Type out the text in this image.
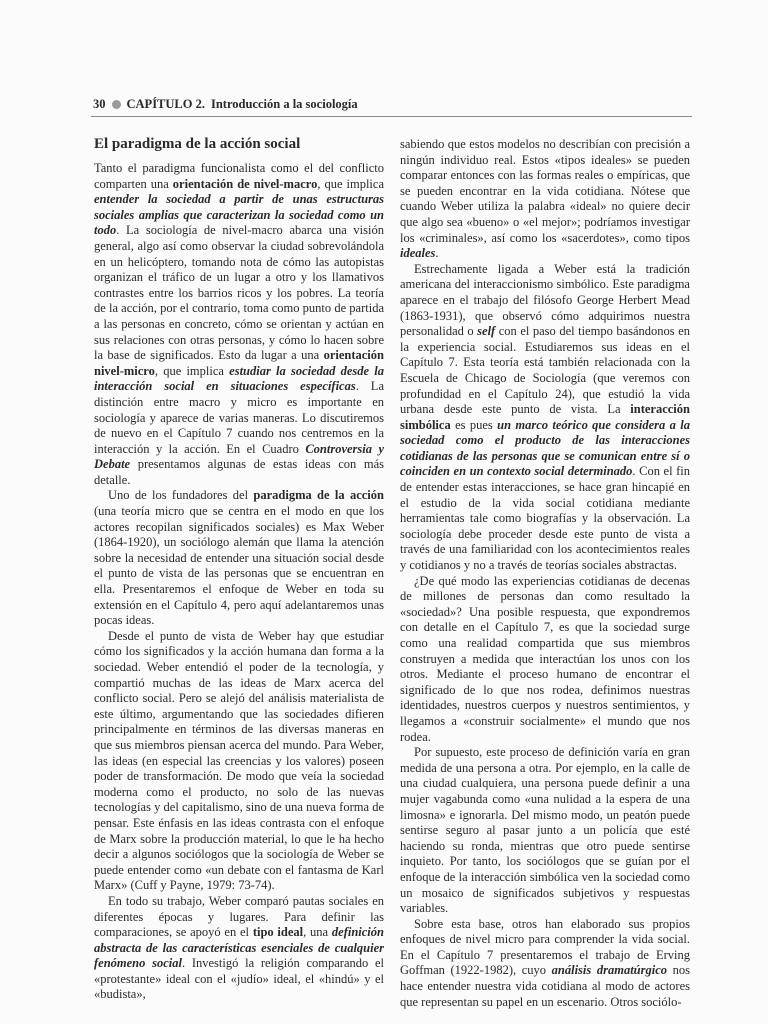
30 CAPÍTULO 2. Introducción a la sociología
El paradigma de la acción social

Tanto el paradigma funcionalista como el del conflicto comparten una orientación de nivel-macro, que implica entender la sociedad a partir de unas estructuras sociales amplias que caracterizan la sociedad como un todo. La sociología de nivel-macro abarca una visión general, algo así como observar la ciudad sobrevolándola en un helicóptero, tomando nota de cómo las autopistas organizan el tráfico de un lugar a otro y los llamativos contrastes entre los barrios ricos y los pobres. La teoría de la acción, por el contrario, toma como punto de partida a las personas en concreto, cómo se orientan y actúan en sus relaciones con otras personas, y cómo lo hacen sobre la base de significados. Esto da lugar a una orientación nivel-micro, que implica estudiar la sociedad desde la interacción social en situaciones específicas. La distinción entre macro y micro es importante en sociología y aparece de varias maneras. Lo discutiremos de nuevo en el Capítulo 7 cuando nos centremos en la interacción y la acción. En el Cuadro Controversia y Debate presentamos algunas de estas ideas con más detalle.

Uno de los fundadores del paradigma de la acción (una teoría micro que se centra en el modo en que los actores recopilan significados sociales) es Max Weber (1864-1920), un sociólogo alemán que llama la atención sobre la necesidad de entender una situación social desde el punto de vista de las personas que se encuentran en ella. Presentaremos el enfoque de Weber en toda su extensión en el Capítulo 4, pero aquí adelantaremos unas pocas ideas.

Desde el punto de vista de Weber hay que estudiar cómo los significados y la acción humana dan forma a la sociedad. Weber entendió el poder de la tecnología, y compartió muchas de las ideas de Marx acerca del conflicto social. Pero se alejó del análisis materialista de este último, argumentando que las sociedades difieren principalmente en términos de las diversas maneras en que sus miembros piensan acerca del mundo. Para Weber, las ideas (en especial las creencias y los valores) poseen poder de transformación. De modo que veía la sociedad moderna como el producto, no solo de las nuevas tecnologías y del capitalismo, sino de una nueva forma de pensar. Este énfasis en las ideas contrasta con el enfoque de Marx sobre la producción material, lo que le ha hecho decir a algunos sociólogos que la sociología de Weber se puede entender como «un debate con el fantasma de Karl Marx» (Cuff y Payne, 1979: 73-74).

En todo su trabajo, Weber comparó pautas sociales en diferentes épocas y lugares. Para definir las comparaciones, se apoyó en el tipo ideal, una definición abstracta de las características esenciales de cualquier fenómeno social. Investigó la religión comparando el «protestante» ideal con el «judío» ideal, el «hindú» y el «budista»,

sabiendo que estos modelos no describían con precisión a ningún individuo real. Estos «tipos ideales» se pueden comparar entonces con las formas reales o empíricas, que se pueden encontrar en la vida cotidiana. Nótese que cuando Weber utiliza la palabra «ideal» no quiere decir que algo sea «bueno» o «el mejor»; podríamos investigar los «criminales», así como los «sacerdotes», como tipos ideales.

Estrechamente ligada a Weber está la tradición americana del interaccionismo simbólico. Este paradigma aparece en el trabajo del filósofo George Herbert Mead (1863-1931), que observó cómo adquirimos nuestra personalidad o self con el paso del tiempo basándonos en la experiencia social. Estudiaremos sus ideas en el Capítulo 7. Esta teoría está también relacionada con la Escuela de Chicago de Sociología (que veremos con profundidad en el Capítulo 24), que estudió la vida urbana desde este punto de vista. La interacción simbólica es pues un marco teórico que considera a la sociedad como el producto de las interacciones cotidianas de las personas que se comunican entre sí o coinciden en un contexto social determinado. Con el fin de entender estas interacciones, se hace gran hincapié en el estudio de la vida social cotidiana mediante herramientas tale como biografías y la observación. La sociología debe proceder desde este punto de vista a través de una familiaridad con los acontecimientos reales y cotidianos y no a través de teorías sociales abstractas.

¿De qué modo las experiencias cotidianas de decenas de millones de personas dan como resultado la «sociedad»? Una posible respuesta, que expondremos con detalle en el Capítulo 7, es que la sociedad surge como una realidad compartida que sus miembros construyen a medida que interactúan los unos con los otros. Mediante el proceso humano de encontrar el significado de lo que nos rodea, definimos nuestras identidades, nuestros cuerpos y nuestros sentimientos, y llegamos a «construir socialmente» el mundo que nos rodea.

Por supuesto, este proceso de definición varía en gran medida de una persona a otra. Por ejemplo, en la calle de una ciudad cualquiera, una persona puede definir a una mujer vagabunda como «una nulidad a la espera de una limosna» e ignorarla. Del mismo modo, un peatón puede sentirse seguro al pasar junto a un policía que esté haciendo su ronda, mientras que otro puede sentirse inquieto. Por tanto, los sociólogos que se guían por el enfoque de la interacción simbólica ven la sociedad como un mosaico de significados subjetivos y respuestas variables.

Sobre esta base, otros han elaborado sus propios enfoques de nivel micro para comprender la vida social. En el Capítulo 7 presentaremos el trabajo de Erving Goffman (1922-1982), cuyo análisis dramatúrgico nos hace entender nuestra vida cotidiana al modo de actores que representan su papel en un escenario. Otros sociólo-
